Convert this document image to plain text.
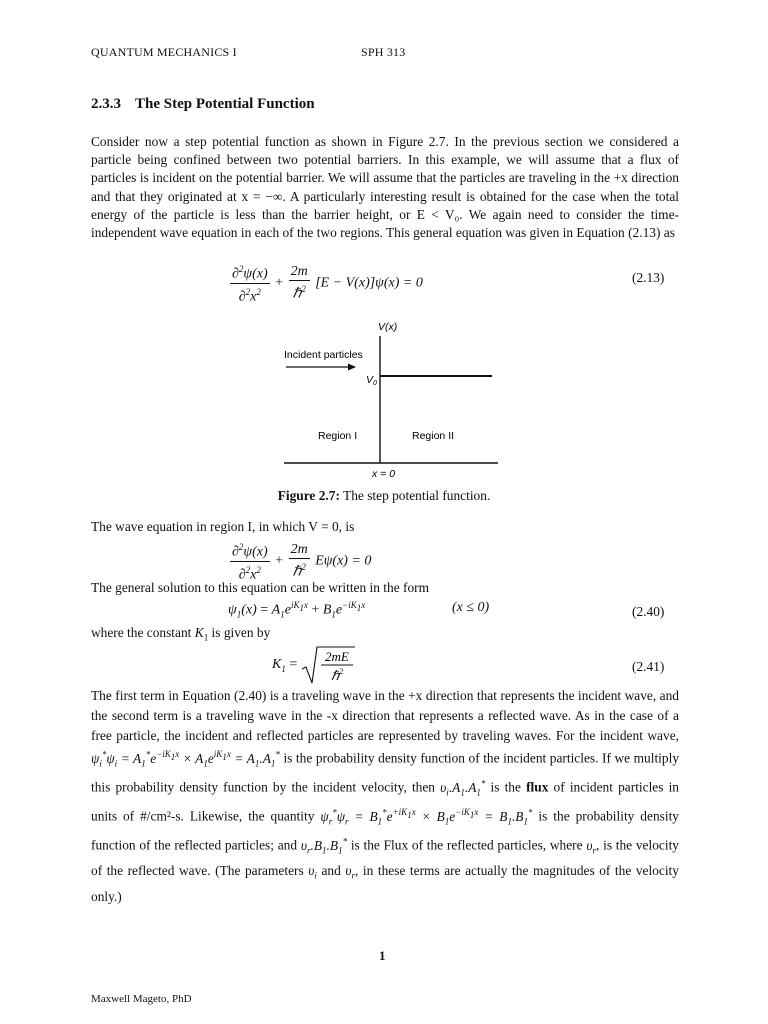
QUANTUM MECHANICS I	SPH 313
2.3.3 The Step Potential Function
Consider now a step potential function as shown in Figure 2.7. In the previous section we considered a particle being confined between two potential barriers. In this example, we will assume that a flux of particles is incident on the potential barrier. We will assume that the particles are traveling in the +x direction and that they originated at x = −∞. A particularly interesting result is obtained for the case when the total energy of the particle is less than the barrier height, or E < V₀. We again need to consider the time-independent wave equation in each of the two regions. This general equation was given in Equation (2.13) as
$\frac{\partial^2\psi(x)}{\partial^2x^2} + \frac{2m}{\hbar^2} [E - V(x)]\psi(x) = 0$	(2.13)
V(x)
Incident particles
V0
Region I	Region II
x = 0
Figure 2.7: The step potential function.
The wave equation in region I, in which V = 0, is
$\frac{\partial^2\psi(x)}{\partial^2x^2} + \frac{2m}{\hbar^2} E\psi(x) = 0$
The general solution to this equation can be written in the form
$\psi_1(x) = A_1e^{iK_1x} + B_1e^{-iK_1x}$	(x ≤ 0)	(2.40)
where the constant $K_1$ is given by
$K_1$ =
2mE
ℏ$^2$	(2.41)
The first term in Equation (2.40) is a traveling wave in the +x direction that represents the incident wave, and the second term is a traveling wave in the -x direction that represents a reflected wave. As in the case of a free particle, the incident and reflected particles are represented by traveling waves. For the incident wave, $\psi_i^*\psi_i = A_1^*e^{-iK_1x} \times A_1e^{iK_1x} = A_1.A_1^*$ is the probability density function of the incident particles. If we multiply this probability density function by the incident velocity, then $\upsilon_i.A_1.A_1^*$ is the flux of incident particles in units of #/cm²-s. Likewise, the quantity $\psi_r^*\psi_r = B_1^*e^{+iK_1x} \times B_1e^{-iK_1x} = B_1.B_1^*$ is the probability density function of the reflected particles; and $\upsilon_r.B_1.B_1^*$ is the Flux of the reflected particles, where $\upsilon_r$, is the velocity of the reflected wave. (The parameters $\upsilon_i$ and $\upsilon_r$, in these terms are actually the magnitudes of the velocity only.)
1
Maxwell Mageto, PhD
